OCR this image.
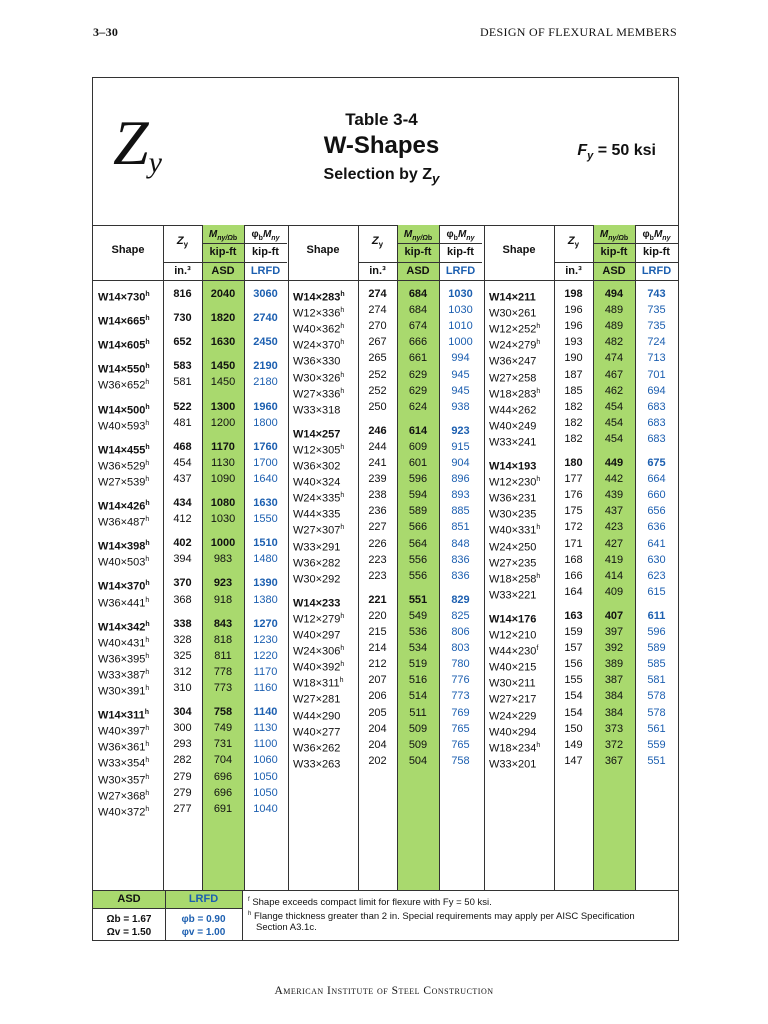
3–30	DESIGN OF FLEXURAL MEMBERS
$Z_y$
Table 3-4
W-Shapes
Selection by $Z_y$
$F_y = 50$ ksi
Shape
$Z_y$
$M_{ny/\Omega b}$	$\varphi_bM_{ny}$
kip-ft	kip-ft
in.³	ASD	LRFD
$W14\times 730^h$	816	2040	3060
$W14\times 665^h$	730	1820	2740
$W14\times 605^h$	652	1630	2450
$W14\times 550^h$	583	1450	2190
$W36\times 652^h$	581	1450	2180
$W14\times 500^h$	522	1300	1960
$W40\times 593^h$	481	1200	1800
$W14\times 455^h$	468	1170	1760
$W36\times 529^h$	454	1130	1700
$W27\times 539^h$	437	1090	1640
$W14\times 426^h$	434	1080	1630
$W36\times 487^h$	412	1030	1550
$W14\times 398^h$	402	1000	1510
$W40\times 503^h$	394	983	1480
$W14\times 370^h$	370	923	1390
$W36\times 441^h$	368	918	1380
$W14\times 342^h$	338	843	1270
$W40\times 431^h$	328	818	1230
$W36\times 395^h$	325	811	1220
$W33\times 387^h$	312	778	1170
$W30\times 391^h$	310	773	1160
$W14\times 311^h$	304	758	1140
$W40\times 397^h$	300	749	1130
$W36\times 361^h$	293	731	1100
$W33\times 354^h$	282	704	1060
$W30\times 357^h$	279	696	1050
$W27\times 368^h$	279	696	1050
$W40\times 372^h$	277	691	1040
Shape
$Z_y$
$M_{ny/\Omega b}$	$\varphi_bM_{ny}$
kip-ft	kip-ft
in.³	ASD	LRFD
$W14\times 283^h$	274	684	1030
$W12\times 336^h$	274	684	1030
$W40\times 362^h$	270	674	1010
$W24\times 370^h$	267	666	1000
W36×330	265	661	994
$W30\times 326^h$	252	629	945
$W27\times 336^h$	252	629	945
W33×318	250	624	938
W14×257	246	614	923
$W12\times 305^h$	244	609	915
W36×302	241	601	904
W40×324	239	596	896
$W24\times 335^h$	238	594	893
W44×335	236	589	885
$W27\times 307^h$	227	566	851
W33×291	226	564	848
W36×282	223	556	836
W30×292	223	556	836
W14×233	221	551	829
$W12\times 279^h$	220	549	825
W40×297	215	536	806
$W24\times 306^h$	214	534	803
$W40\times 392^h$	212	519	780
$W18\times 311^h$	207	516	776
W27×281	206	514	773
W44×290	205	511	769
W40×277	204	509	765
W36×262	204	509	765
W33×263	202	504	758
Shape
$Z_y$
$M_{ny/\Omega b}$	$\varphi_bM_{ny}$
kip-ft	kip-ft
in.³	ASD	LRFD
W14×211	198	494	743
W30×261	196	489	735
$W12\times 252^h$	196	489	735
$W24\times 279^h$	193	482	724
W36×247	190	474	713
W27×258	187	467	701
$W18\times 283^h$	185	462	694
W44×262	182	454	683
W40×249	182	454	683
W33×241	182	454	683
W14×193	180	449	675
$W12\times 230^h$	177	442	664
W36×231	176	439	660
W30×235	175	437	656
$W40\times 331^h$	172	423	636
W24×250	171	427	641
W27×235	168	419	630
$W18\times 258^h$	166	414	623
W33×221	164	409	615
W14×176	163	407	611
W12×210	159	397	596
$W44\times 230^f$	157	392	589
W40×215	156	389	585
W30×211	155	387	581
W27×217	154	384	578
W24×229	154	384	578
W40×294	150	373	561
$W18\times 234^h$	149	372	559
W33×201	147	367	551
ASD	LRFD
Ωb = 1.67
Ωv = 1.50
φb = 0.90
φv = 1.00
$^f$ Shape exceeds compact limit for flexure with Fy = 50 ksi.
$^h$ Flange thickness greater than 2 in. Special requirements may apply per AISC Specification
Section A3.1c.
American Institute of Steel Construction
